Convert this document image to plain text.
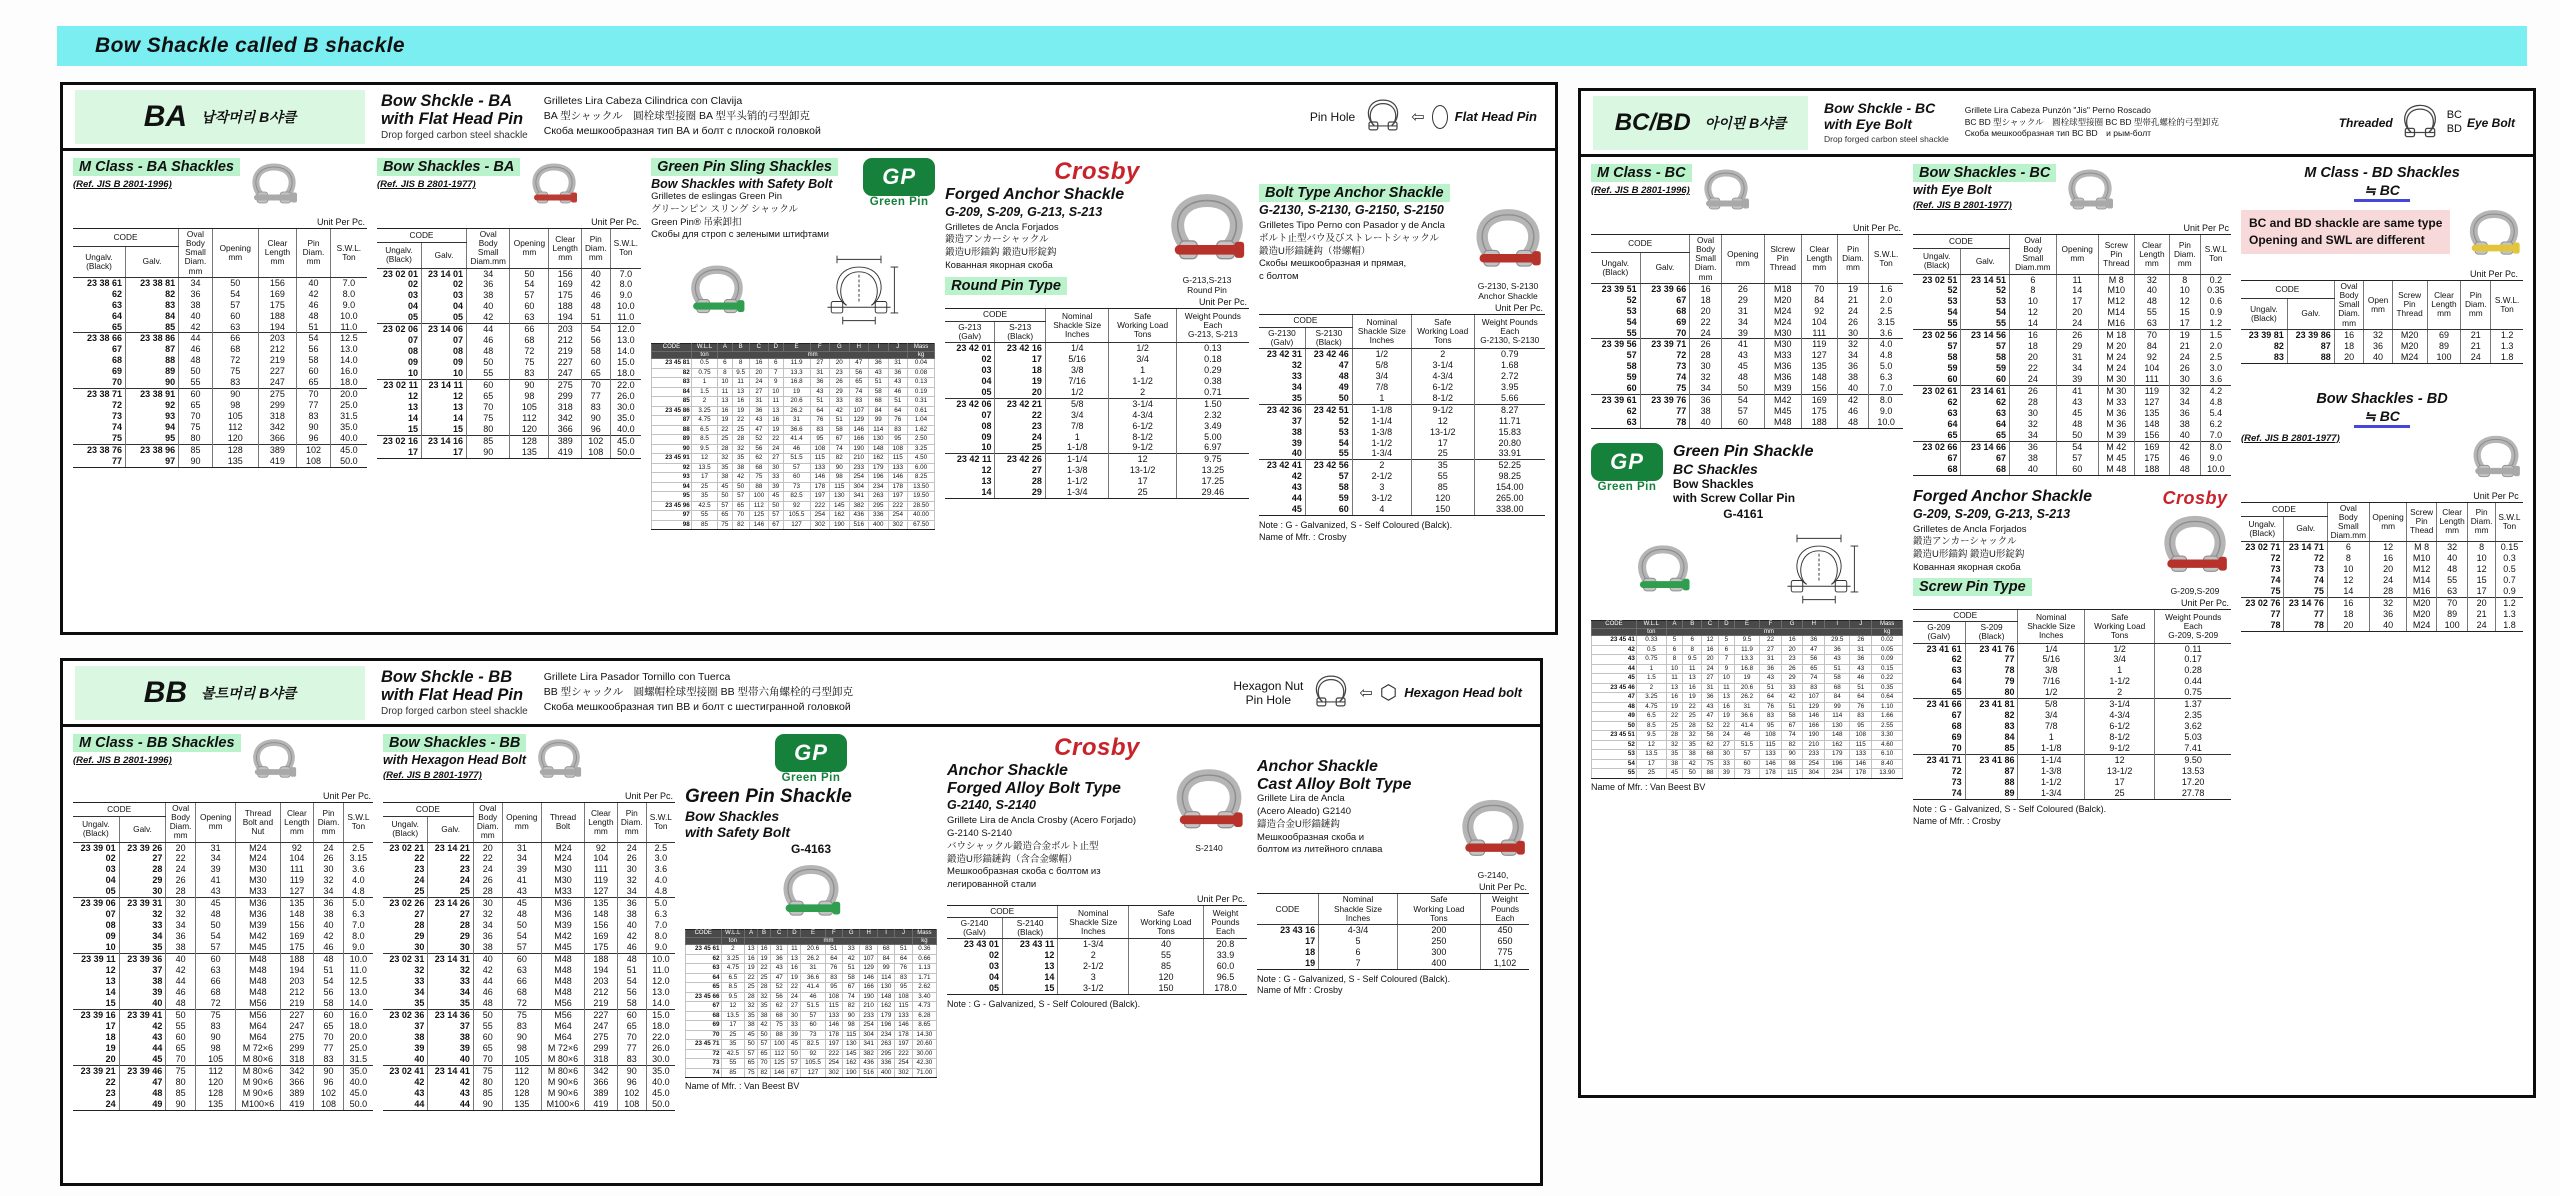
Bow Shackle called B shackle
BA 납작머리 B샤클
Bow Shckle - BA
with Flat Head Pin
Drop forged carbon steel shackle
Grilletes Lira Cabeza Cilindrica con Clavija
BA 型シャックル　圓栓球型接圈 BA 型平头销的弓型卸克
Скоба мешкообразная тип ВА и болт с плоской головкой
Pin Hole	⇦ Flat Head Pin
M Class - BA Shackles
(Ref. JIS B 2801-1996)
Unit Per Pc.
CODE		Oval
Body
Small
Diam.
mm	Opening
mm	Clear
Length
mm	Pin
Diam.
mm	S.W.L.
Ton
Ungalv.
(Black)	Galv.					
23 38 61	23 38 81	34	50	156	40	7.0
62	82	36	54	169	42	8.0
63	83	38	57	175	46	9.0
64	84	40	60	188	48	10.0
65	85	42	63	194	51	11.0
23 38 66	23 38 86	44	66	203	54	12.5
67	87	46	68	212	56	13.0
68	88	48	72	219	58	14.0
69	89	50	75	227	60	16.0
70	90	55	83	247	65	18.0
23 38 71	23 38 91	60	90	275	70	20.0
72	92	65	98	299	77	25.0
73	93	70	105	318	83	31.5
74	94	75	112	342	90	35.0
75	95	80	120	366	96	40.0
23 38 76	23 38 96	85	128	389	102	45.0
77	97	90	135	419	108	50.0
Bow Shackles - BA
(Ref. JIS B 2801-1977)
Unit Per Pc.
CODE		Oval
Body
Small
Diam.mm	Opening
mm	Clear
Length
mm	Pin
Diam.
mm	S.W.L.
Ton
Ungalv.
(Black)	Galv.					
23 02 01	23 14 01	34	50	156	40	7.0
02	02	36	54	169	42	8.0
03	03	38	57	175	46	9.0
04	04	40	60	188	48	10.0
05	05	42	63	194	51	11.0
23 02 06	23 14 06	44	66	203	54	12.0
07	07	46	68	212	56	13.0
08	08	48	72	219	58	14.0
09	09	50	75	227	60	15.0
10	10	55	83	247	65	18.0
23 02 11	23 14 11	60	90	275	70	22.0
12	12	65	98	299	77	26.0
13	13	70	105	318	83	30.0
14	14	75	112	342	90	35.0
15	15	80	120	366	96	40.0
23 02 16	23 14 16	85	128	389	102	45.0
17	17	90	135	419	108	50.0
Green Pin Sling Shackles
Bow Shackles with Safety Bolt
Grilletes de eslingas Green Pin
グリーンピン スリング シャックル
Green Pin® 吊索卸扣
Скобы для строп с зелеными штифтами
GP
Green Pin
CODE	W.L.L	A	B	C	D	E	F	G	H	I	J	Mass
	ton	mm										kg
23 45 81	0.5	6	8	16	6	11.9	27	20	47	36	31	0.04
82	0.75	8	9.5	20	7	13.3	31	23	56	43	36	0.08
83	1	10	11	24	9	16.8	36	26	65	51	43	0.13
84	1.5	11	13	27	10	19	43	29	74	58	46	0.19
85	2	13	16	31	11	20.6	51	33	83	68	51	0.31
23 45 86	3.25	16	19	36	13	26.2	64	42	107	84	64	0.61
87	4.75	19	22	43	16	31	76	51	129	99	76	1.04
88	6.5	22	25	47	19	36.6	83	58	146	114	83	1.62
89	8.5	25	28	52	22	41.4	95	67	166	130	95	2.50
90	9.5	28	32	56	24	46	108	74	190	148	108	3.25
23 45 91	12	32	35	62	27	51.5	115	82	210	162	115	4.50
92	13.5	35	38	68	30	57	133	90	233	179	133	6.00
93	17	38	42	75	33	60	146	98	254	196	146	8.25
94	25	45	50	88	39	73	178	115	304	234	178	13.50
95	35	50	57	100	45	82.5	197	130	341	263	197	19.50
23 45 96	42.5	57	65	112	50	92	222	145	382	295	222	28.50
97	55	65	70	125	57	105.5	254	162	436	336	254	40.00
98	85	75	82	146	67	127	302	190	516	400	302	67.50
Crosby
Forged Anchor Shackle
G-209, S-209, G-213, S-213
Grilletes de Ancla Forjados
鍛造アンカーシャックル
鍛造U形錨鈎 鍛造U形錠鈎
Кованная якорная скоба
Round Pin Type	G-213,S-213
Round Pin
Unit Per Pc.
CODE		Nominal
Shackle Size
Inches	Safe
Working Load
Tons	Weight Pounds
Each
G-213, S-213
G-213
(Galv)	S-213
(Black)			
23 42 01	23 42 16	1/4	1/2	0.13
02	17	5/16	3/4	0.18
03	18	3/8	1	0.29
04	19	7/16	1-1/2	0.38
05	20	1/2	2	0.71
23 42 06	23 42 21	5/8	3-1/4	1.50
07	22	3/4	4-3/4	2.32
08	23	7/8	6-1/2	3.49
09	24	1	8-1/2	5.00
10	25	1-1/8	9-1/2	6.97
23 42 11	23 42 26	1-1/4	12	9.75
12	27	1-3/8	13-1/2	13.25
13	28	1-1/2	17	17.25
14	29	1-3/4	25	29.46
Bolt Type Anchor Shackle
G-2130, S-2130, G-2150, S-2150
Grilletes Tipo Perno con Pasador y de Ancla
ボルト止型バウ及びストレートシャックル
鍛造U形錨鏈鈎（帯螺帽）
Скобы мешкообразная и прямая,
с болтом
G-2130, S-2130
Anchor Shackle
Unit Per Pc.
CODE		Nominal
Shackle Size
Inches	Safe
Working Load
Tons	Weight Pounds
Each
G-2130, S-2130
G-2130
(Galv)	S-2130
(Black)			
23 42 31	23 42 46	1/2	2	0.79
32	47	5/8	3-1/4	1.68
33	48	3/4	4-3/4	2.72
34	49	7/8	6-1/2	3.95
35	50	1	8-1/2	5.66
23 42 36	23 42 51	1-1/8	9-1/2	8.27
37	52	1-1/4	12	11.71
38	53	1-3/8	13-1/2	15.83
39	54	1-1/2	17	20.80
40	55	1-3/4	25	33.91
23 42 41	23 42 56	2	35	52.25
42	57	2-1/2	55	98.25
43	58	3	85	154.00
44	59	3-1/2	120	265.00
45	60	4	150	338.00
Note : G - Galvanized, S - Self Coloured (Balck).
Name of Mfr. : Crosby
BB 볼트머리 B샤클
Bow Shckle - BB
with Flat Head Pin
Drop forged carbon steel shackle
Grillete Lira Pasador Tornillo con Tuerca
BB 型シャックル　圓螺帽栓球型接圈 BB 型帯六角螺栓的弓型卸克
Скоба мешкообразная тип ВВ и болт с шестигранной головкой
Hexagon Nut
Pin Hole	⇦ ⬡ Hexagon Head bolt
M Class - BB Shackles
(Ref. JIS B 2801-1996)
Unit Per Pc.
CODE		Oval
Body
Diam.
mm	Opening
mm	Thread
Bolt and
Nut	Clear
Length
mm	Pin
Diam.
mm	S.W.L
Ton
Ungalv.
(Black)	Galv.						
23 39 01	23 39 26	20	31	M24	92	24	2.5
02	27	22	34	M24	104	26	3.15
03	28	24	39	M30	111	30	3.6
04	29	26	41	M30	119	32	4.0
05	30	28	43	M33	127	34	4.8
23 39 06	23 39 31	30	45	M36	135	36	5.0
07	32	32	48	M36	148	38	6.3
08	33	34	50	M39	156	40	7.0
09	34	36	54	M42	169	42	8.0
10	35	38	57	M45	175	46	9.0
23 39 11	23 39 36	40	60	M48	188	48	10.0
12	37	42	63	M48	194	51	11.0
13	38	44	66	M48	203	54	12.5
14	39	46	68	M48	212	56	13.0
15	40	48	72	M56	219	58	14.0
23 39 16	23 39 41	50	75	M56	227	60	16.0
17	42	55	83	M64	247	65	18.0
18	43	60	90	M64	275	70	20.0
19	44	65	98	M 72×6	299	77	25.0
20	45	70	105	M 80×6	318	83	31.5
23 39 21	23 39 46	75	112	M 80×6	342	90	35.0
22	47	80	120	M 90×6	366	96	40.0
23	48	85	128	M 90×6	389	102	45.0
24	49	90	135	M100×6	419	108	50.0
Bow Shackles - BB
with Hexagon Head Bolt
(Ref. JIS B 2801-1977)
Unit Per Pc.
CODE		Oval
Body
Diam.
mm	Opening
mm	Thread
Bolt	Clear
Length
mm	Pin
Diam.
mm	S.W.L
Ton
Ungalv.
(Black)	Galv.						
23 02 21	23 14 21	20	31	M24	92	24	2.5
22	22	22	34	M24	104	26	3.0
23	23	24	39	M30	111	30	3.6
24	24	26	41	M30	119	32	4.0
25	25	28	43	M33	127	34	4.8
23 02 26	23 14 26	30	45	M36	135	36	5.0
27	27	32	48	M36	148	38	6.3
28	28	34	50	M39	156	40	7.0
29	29	36	54	M42	169	42	8.0
30	30	38	57	M45	175	46	9.0
23 02 31	23 14 31	40	60	M48	188	48	10.0
32	32	42	63	M48	194	51	11.0
33	33	44	66	M48	203	54	12.0
34	34	46	68	M48	212	56	13.0
35	35	48	72	M56	219	58	14.0
23 02 36	23 14 36	50	75	M56	227	60	15.0
37	37	55	83	M64	247	65	18.0
38	38	60	90	M64	275	70	22.0
39	39	65	98	M 72×6	299	77	26.0
40	40	70	105	M 80×6	318	83	30.0
23 02 41	23 14 41	75	112	M 80×6	342	90	35.0
42	42	80	120	M 90×6	366	96	40.0
43	43	85	128	M 90×6	389	102	45.0
44	44	90	135	M100×6	419	108	50.0
GP
Green Pin
Green Pin Shackle
Bow Shackles
with Safety Bolt
G-4163
CODE	W.L.L	A	B	C	D	E	F	G	H	I	J	Mass
	ton	mm										kg
23 45 61	2	13	16	31	11	20.6	51	33	83	68	51	0.36
62	3.25	16	19	36	13	26.2	64	42	107	84	64	0.66
63	4.75	19	22	43	16	31	76	51	129	99	76	1.13
64	6.5	22	25	47	19	36.6	83	58	146	114	83	1.71
65	8.5	25	28	52	22	41.4	95	67	166	130	95	2.62
23 45 66	9.5	28	32	56	24	46	108	74	190	148	108	3.40
67	12	32	35	62	27	51.5	115	82	210	162	115	4.73
68	13.5	35	38	68	30	57	133	90	233	179	133	6.28
69	17	38	42	75	33	60	146	98	254	196	146	8.65
70	25	45	50	88	39	73	178	115	304	234	178	14.30
23 45 71	35	50	57	100	45	82.5	197	130	341	263	197	20.60
72	42.5	57	65	112	50	92	222	145	382	295	222	30.00
73	55	65	70	125	57	105.5	254	162	436	336	254	42.30
74	85	75	82	146	67	127	302	190	516	400	302	71.00
Name of Mfr. : Van Beest BV
Crosby
Anchor Shackle
Forged Alloy Bolt Type
G-2140, S-2140
Grillete Lira de Ancla Crosby (Acero Forjado)
G-2140 S-2140
バウシャックル鍛造合金ボルト止型
鍛造U形錨鏈鈎（含合金螺帽）
Мешкообразная скоба с болтом из
легированной стали
S-2140
Unit Per Pc.
CODE		Nominal
Shackle Size
Inches	Safe
Working Load
Tons	Weight
Pounds
Each
G-2140
(Galv)	S-2140
(Black)			
23 43 01	23 43 11	1-3/4	40	20.8
02	12	2	55	33.9
03	13	2-1/2	85	60.0
04	14	3	120	96.5
05	15	3-1/2	150	178.0
Note : G - Galvanized, S - Self Coloured (Balck).
Anchor Shackle
Cast Alloy Bolt Type
Grillete Lira de Ancla
(Acero Aleado) G2140
鑄造合金U形錨鏈鈎
Мешкообразная скоба и
болтом из литейного сплава
G-2140,
Unit Per Pc.
CODE	Nominal
Shackle Size
Inches	Safe
Working Load
Tons	Weight
Pounds
Each
23 43 16	4-3/4	200	450
17	5	250	650
18	6	300	775
19	7	400	1,102
Note : G - Galvanized, S - Self Coloured (Balck).
Name of Mfr : Crosby
BC/BD 아이핀 B샤클
Bow Shckle - BC
with Eye Bolt
Drop forged carbon steel shackle
Grillete Lira Cabeza Punzón "Jis" Perno Roscado
BC BD 型シャックル　圓栓球型接圈 BC BD 型帯孔螺栓的弓型卸克
Скоба мешкообразная тип ВС BD　и рым-болт
Threaded
BC
BD Eye Bolt
M Class - BC
(Ref. JIS B 2801-1996)
Unit Per Pc.
CODE		Oval
Body
Small
Diam.
mm	Opening
mm	Slcrew
Pin
Thread	Clear
Length
mm	Pin
Diam.
mm	S.W.L.
Ton
Ungalv.
(Black)	Galv.						
23 39 51	23 39 66	16	26	M18	70	19	1.6
52	67	18	29	M20	84	21	2.0
53	68	20	31	M24	92	24	2.5
54	69	22	34	M24	104	26	3.15
55	70	24	39	M30	111	30	3.6
23 39 56	23 39 71	26	41	M30	119	32	4.0
57	72	28	43	M33	127	34	4.8
58	73	30	45	M36	135	36	5.0
59	74	32	48	M36	148	38	6.3
60	75	34	50	M39	156	40	7.0
23 39 61	23 39 76	36	54	M42	169	42	8.0
62	77	38	57	M45	175	46	9.0
63	78	40	60	M48	188	48	10.0
GP
Green Pin
Green Pin Shackle
BC Shackles
Bow Shackles
with Screw Collar Pin
G-4161
CODE	W.L.L	A	B	C	D	E	F	G	H	I	J	Mass
	ton	mm										kg
23 45 41	0.33	5	6	12	5	9.5	22	16	36	29.5	26	0.02
42	0.5	6	8	16	6	11.9	27	20	47	36	31	0.05
43	0.75	8	9.5	20	7	13.3	31	23	56	43	36	0.09
44	1	10	11	24	9	16.8	36	26	65	51	43	0.15
45	1.5	11	13	27	10	19	43	29	74	58	46	0.22
23 45 46	2	13	16	31	11	20.6	51	33	83	68	51	0.35
47	3.25	16	19	36	13	26.2	64	42	107	84	64	0.64
48	4.75	19	22	43	16	31	76	51	129	99	76	1.10
49	6.5	22	25	47	19	36.6	83	58	146	114	83	1.66
50	8.5	25	28	52	22	41.4	95	67	166	130	95	2.55
23 45 51	9.5	28	32	56	24	46	108	74	190	148	108	3.30
52	12	32	35	62	27	51.5	115	82	210	162	115	4.60
53	13.5	35	38	68	30	57	133	90	233	179	133	6.10
54	17	38	42	75	33	60	146	98	254	196	146	8.40
55	25	45	50	88	39	73	178	115	304	234	178	13.90
Name of Mfr. : Van Beest BV
Bow Shackles - BC
with Eye Bolt
(Ref. JIS B 2801-1977)
Unit Per Pc
CODE		Oval
Body
Small
Diam.mm	Opening
mm	Screw
Pin
Thread	Clear
Length
mm	Pin
Diam.
mm	S.W.L
Ton
Ungalv.
(Black)	Galv.						
23 02 51	23 14 51	6	11	M 8	32	8	0.2
52	52	8	14	M10	40	10	0.35
53	53	10	17	M12	48	12	0.6
54	54	12	20	M14	55	15	0.9
55	55	14	24	M16	63	17	1.2
23 02 56	23 14 56	16	26	M 18	70	19	1.5
57	57	18	29	M 20	84	21	2.0
58	58	20	31	M 24	92	24	2.5
59	59	22	34	M 24	104	26	3.0
60	60	24	39	M 30	111	30	3.6
23 02 61	23 14 61	26	41	M 30	119	32	4.2
62	62	28	43	M 33	127	34	4.8
63	63	30	45	M 36	135	36	5.4
64	64	32	48	M 36	148	38	6.2
65	65	34	50	M 39	156	40	7.0
23 02 66	23 14 66	36	54	M 42	169	42	8.0
67	67	38	57	M 45	175	46	9.0
68	68	40	60	M 48	188	48	10.0
Forged Anchor Shackle
G-209, S-209, G-213, S-213
Grilletes de Ancla Forjados
鍛造アンカーシャックル
鍛造U形錨鈎 鍛造U形錠鈎
Кованная якорная скоба
Screw Pin Type
Crosby
G-209,S-209
Unit Per Pc.
CODE		Nominal
Shackle Size
Inches	Safe
Working Load
Tons	Weight Pounds
Each
G-209, S-209
G-209
(Galv)	S-209
(Black)			
23 41 61	23 41 76	1/4	1/2	0.11
62	77	5/16	3/4	0.17
63	78	3/8	1	0.28
64	79	7/16	1-1/2	0.44
65	80	1/2	2	0.75
23 41 66	23 41 81	5/8	3-1/4	1.37
67	82	3/4	4-3/4	2.35
68	83	7/8	6-1/2	3.62
69	84	1	8-1/2	5.03
70	85	1-1/8	9-1/2	7.41
23 41 71	23 41 86	1-1/4	12	9.50
72	87	1-3/8	13-1/2	13.53
73	88	1-1/2	17	17.20
74	89	1-3/4	25	27.78
Note : G - Galvanized, S - Self Coloured (Balck).
Name of Mfr. : Crosby
M Class - BD Shackles
≒ BC
BC and BD shackle are same type
Opening and SWL are different
Unit Per Pc.
CODE		Oval
Body
Small
Diam.
mm	Open
mm	Screw
Pin
Thread	Clear
Length
mm	Pin
Diam.
mm	S.W.L.
Ton
Ungalv.
(Black)	Galv.						
23 39 81	23 39 86	16	32	M20	69	21	1.2
82	87	18	36	M20	89	21	1.3
83	88	20	40	M24	100	24	1.8
Bow Shackles - BD
≒ BC
(Ref. JIS B 2801-1977)
Unit Per Pc
CODE		Oval
Body
Small
Diam.mm	Opening
mm	Screw
Pin
Thead	Clear
Length
mm	Pin
Diam.
mm	S.W.L
Ton
Ungalv.
(Black)	Galv.						
23 02 71	23 14 71	6	12	M 8	32	8	0.15
72	72	8	16	M10	40	10	0.3
73	73	10	20	M12	48	12	0.5
74	74	12	24	M14	55	15	0.7
75	75	14	28	M16	63	17	0.9
23 02 76	23 14 76	16	32	M20	70	20	1.2
77	77	18	36	M20	89	21	1.3
78	78	20	40	M24	100	24	1.8
